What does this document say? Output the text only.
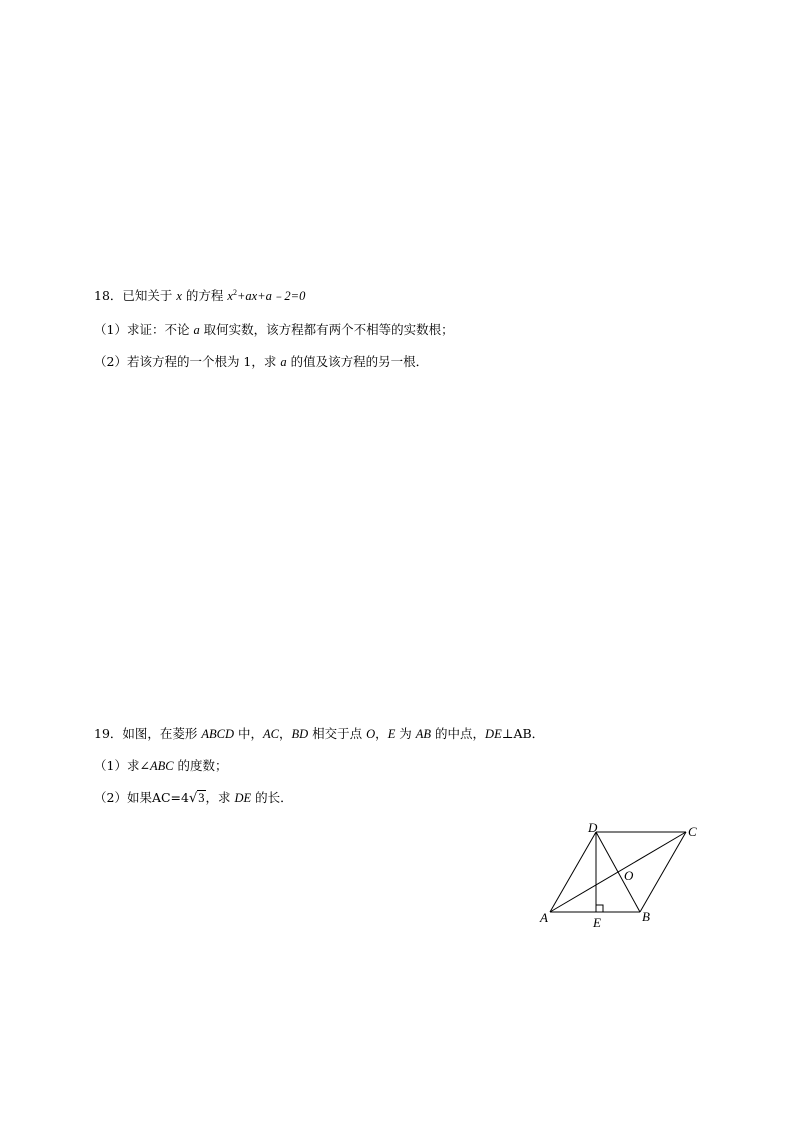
18．已知关于 x 的方程 $x^2+ax+a﹣2=0$
（1）求证：不论 a 取何实数，该方程都有两个不相等的实数根；
（2）若该方程的一个根为 1，求 a 的值及该方程的另一根．
19．如图，在菱形 ABCD 中，AC，BD 相交于点 O，E 为 AB 的中点，DE⊥AB．
（1）求∠ABC 的度数；
（2）如果AC=4√3，求 DE 的长．
A	B
C
D
E
O
